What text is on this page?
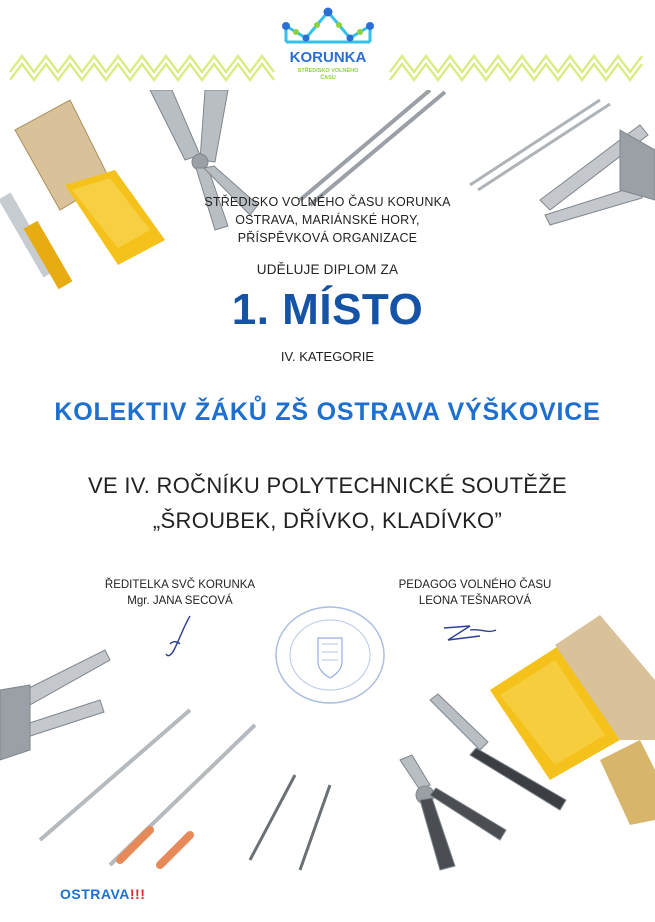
KORUNKA
STŘEDISKO VOLNÉHO
ČASU
STŘEDISKO VOLNÉHO ČASU KORUNKA
OSTRAVA, MARIÁNSKÉ HORY,
PŘÍSPĚVKOVÁ ORGANIZACE
UDĚLUJE DIPLOM ZA
1. MÍSTO
IV. KATEGORIE
KOLEKTIV ŽÁKŮ ZŠ OSTRAVA VÝŠKOVICE
VE IV. ROČNÍKU POLYTECHNICKÉ SOUTĚŽE
„ŠROUBEK, DŘÍVKO, KLADÍVKO”
ŘEDITELKA SVČ KORUNKA
Mgr. JANA SECOVÁ
PEDAGOG VOLNÉHO ČASU
LEONA TEŠNAROVÁ
OSTRAVA!!!
